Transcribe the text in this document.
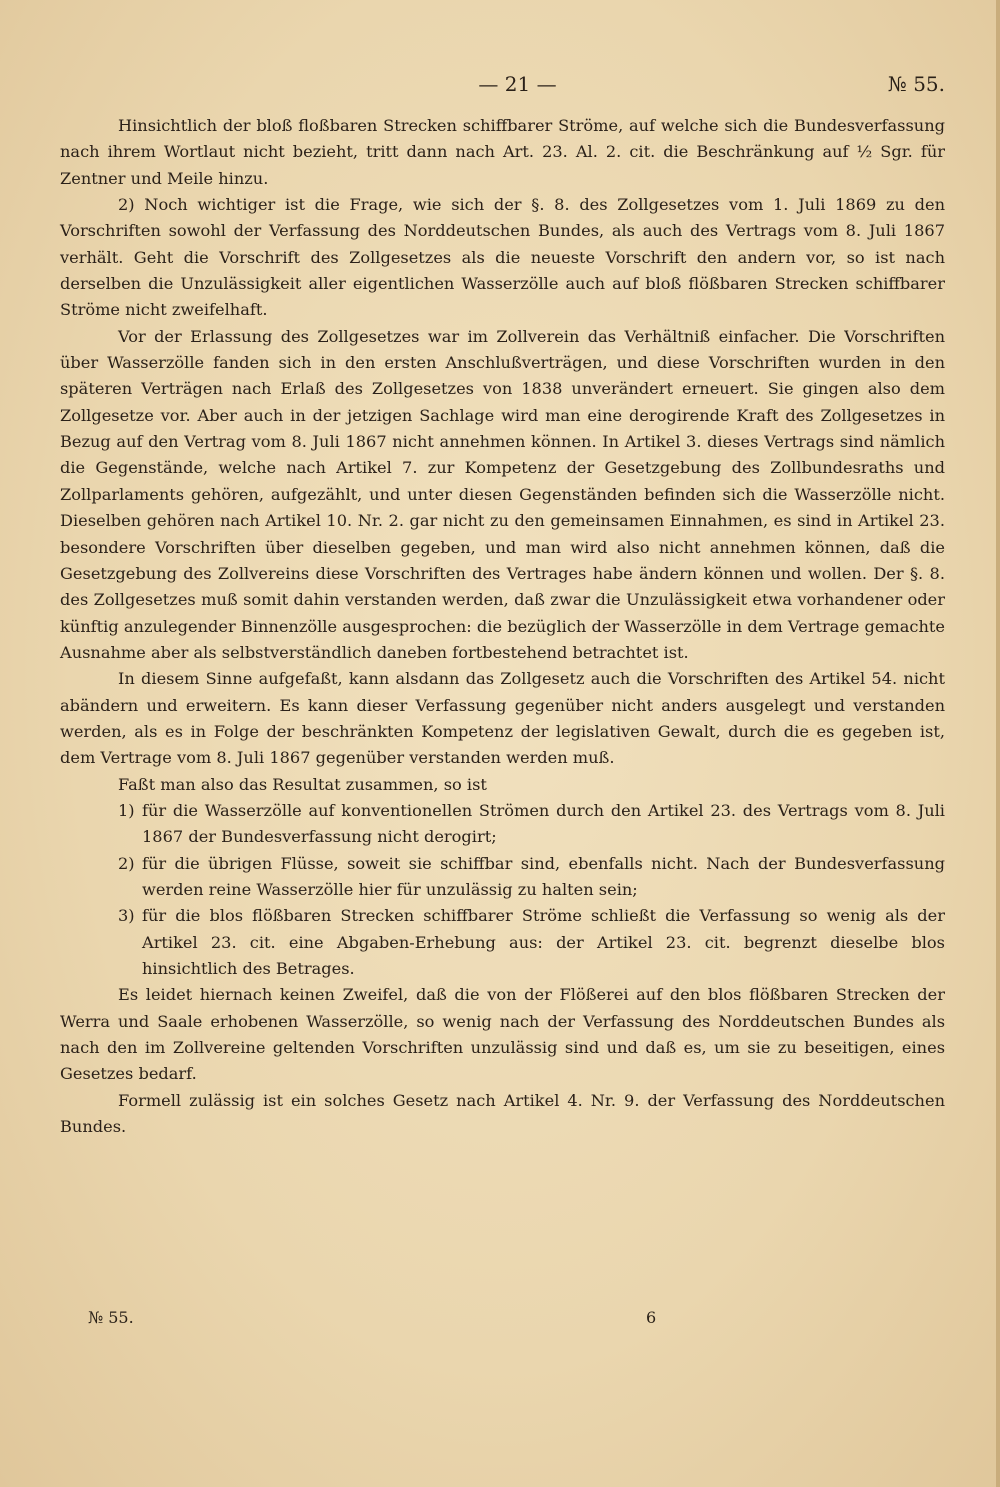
— 21 —	№ 55.

Hinsichtlich der bloß floßbaren Strecken schiffbarer Ströme, auf welche sich die Bundesverfassung nach ihrem Wortlaut nicht bezieht, tritt dann nach Art. 23. Al. 2. cit. die Beschränkung auf ½ Sgr. für Zentner und Meile hinzu.

2) Noch wichtiger ist die Frage, wie sich der §. 8. des Zollgesetzes vom 1. Juli 1869 zu den Vorschriften sowohl der Verfassung des Norddeutschen Bundes, als auch des Vertrags vom 8. Juli 1867 verhält. Geht die Vorschrift des Zollgesetzes als die neueste Vorschrift den andern vor, so ist nach derselben die Unzulässigkeit aller eigentlichen Wasserzölle auch auf bloß flößbaren Strecken schiffbarer Ströme nicht zweifelhaft.

Vor der Erlassung des Zollgesetzes war im Zollverein das Verhältniß einfacher. Die Vorschriften über Wasserzölle fanden sich in den ersten Anschlußverträgen, und diese Vorschriften wurden in den späteren Verträgen nach Erlaß des Zollgesetzes von 1838 unverändert erneuert. Sie gingen also dem Zollgesetze vor. Aber auch in der jetzigen Sachlage wird man eine derogirende Kraft des Zollgesetzes in Bezug auf den Vertrag vom 8. Juli 1867 nicht annehmen können. In Artikel 3. dieses Vertrags sind nämlich die Gegenstände, welche nach Artikel 7. zur Kompetenz der Gesetzgebung des Zollbundesraths und Zollparlaments gehören, aufgezählt, und unter diesen Gegenständen befinden sich die Wasserzölle nicht. Dieselben gehören nach Artikel 10. Nr. 2. gar nicht zu den gemeinsamen Einnahmen, es sind in Artikel 23. besondere Vorschriften über dieselben gegeben, und man wird also nicht annehmen können, daß die Gesetzgebung des Zollvereins diese Vorschriften des Vertrages habe ändern können und wollen. Der §. 8. des Zollgesetzes muß somit dahin verstanden werden, daß zwar die Unzulässigkeit etwa vorhandener oder künftig anzulegender Binnenzölle ausgesprochen: die bezüglich der Wasserzölle in dem Vertrage gemachte Ausnahme aber als selbstverständlich daneben fortbestehend betrachtet ist.

In diesem Sinne aufgefaßt, kann alsdann das Zollgesetz auch die Vorschriften des Artikel 54. nicht abändern und erweitern. Es kann dieser Verfassung gegenüber nicht anders ausgelegt und verstanden werden, als es in Folge der beschränkten Kompetenz der legislativen Gewalt, durch die es gegeben ist, dem Vertrage vom 8. Juli 1867 gegenüber verstanden werden muß.

Faßt man also das Resultat zusammen, so ist

1) für die Wasserzölle auf konventionellen Strömen durch den Artikel 23. des Vertrags vom 8. Juli 1867 der Bundesverfassung nicht derogirt;
2) für die übrigen Flüsse, soweit sie schiffbar sind, ebenfalls nicht. Nach der Bundesverfassung werden reine Wasserzölle hier für unzulässig zu halten sein;
3) für die blos flößbaren Strecken schiffbarer Ströme schließt die Verfassung so wenig als der Artikel 23. cit. eine Abgaben-Erhebung aus: der Artikel 23. cit. begrenzt dieselbe blos hinsichtlich des Betrages.

Es leidet hiernach keinen Zweifel, daß die von der Flößerei auf den blos flößbaren Strecken der Werra und Saale erhobenen Wasserzölle, so wenig nach der Verfassung des Norddeutschen Bundes als nach den im Zollvereine geltenden Vorschriften unzulässig sind und daß es, um sie zu beseitigen, eines Gesetzes bedarf.

Formell zulässig ist ein solches Gesetz nach Artikel 4. Nr. 9. der Verfassung des Norddeutschen Bundes.

№ 55.	6
